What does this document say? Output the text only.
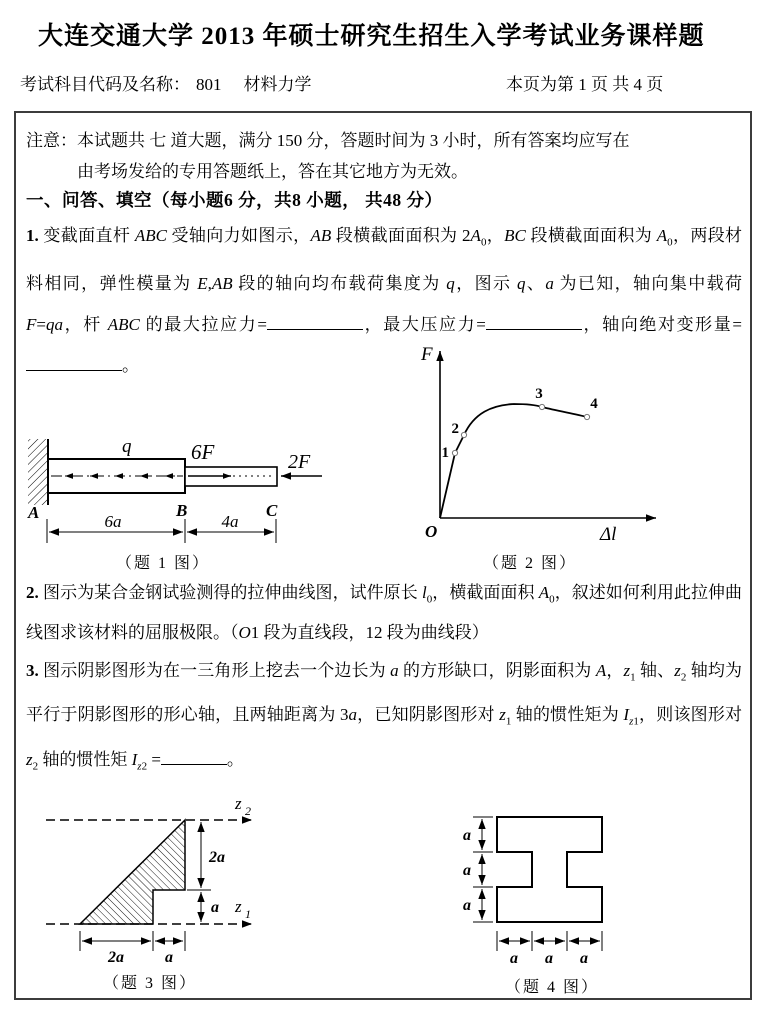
大连交通大学 2013 年硕士研究生招生入学考试业务课样题
考试科目代码及名称： 801 材料力学	本页为第 1 页 共 4 页
注意：本试题共 七 道大题，满分 150 分，答题时间为 3 小时，所有答案均应写在
由考场发给的专用答题纸上，答在其它地方为无效。
一、问答、填空（每小题6 分，共8 小题， 共48 分）
1. 变截面直杆 ABC 受轴向力如图示，AB 段横截面面积为 $2A_0$，BC 段横截面面积为 $A_0$，两段材料相同，弹性模量为 E,AB 段的轴向均布载荷集度为 q，图示 q、a 为已知，轴向集中载荷 F=qa，杆 ABC 的最大拉应力=	，最大压应力=	，轴向绝对变形量=。
q	6F	2F
A	B	C
6a	4a
（题 1 图）
F
Δl
O
1
2
3
4
（题 2 图）
2. 图示为某合金钢试验测得的拉伸曲线图，试件原长 $l_0$，横截面面积 $A_0$，叙述如何利用此拉伸曲线图求该材料的屈服极限。（O1 段为直线段，12 段为曲线段）
3. 图示阴影图形为在一三角形上挖去一个边长为 a 的方形缺口，阴影面积为 A，$z_1$ 轴、$z_2$ 轴均为平行于阴影图形的形心轴，且两轴距离为 3a，已知阴影图形对 $z_1$ 轴的惯性矩为 $I_{z1}$，则该图形对 $z_2$ 轴的惯性矩 $I_{z2}$ =	。
z 2
z 1
2a
a
2a	a
（题 3 图）
a
a
a
a a a
（题 4 图）
